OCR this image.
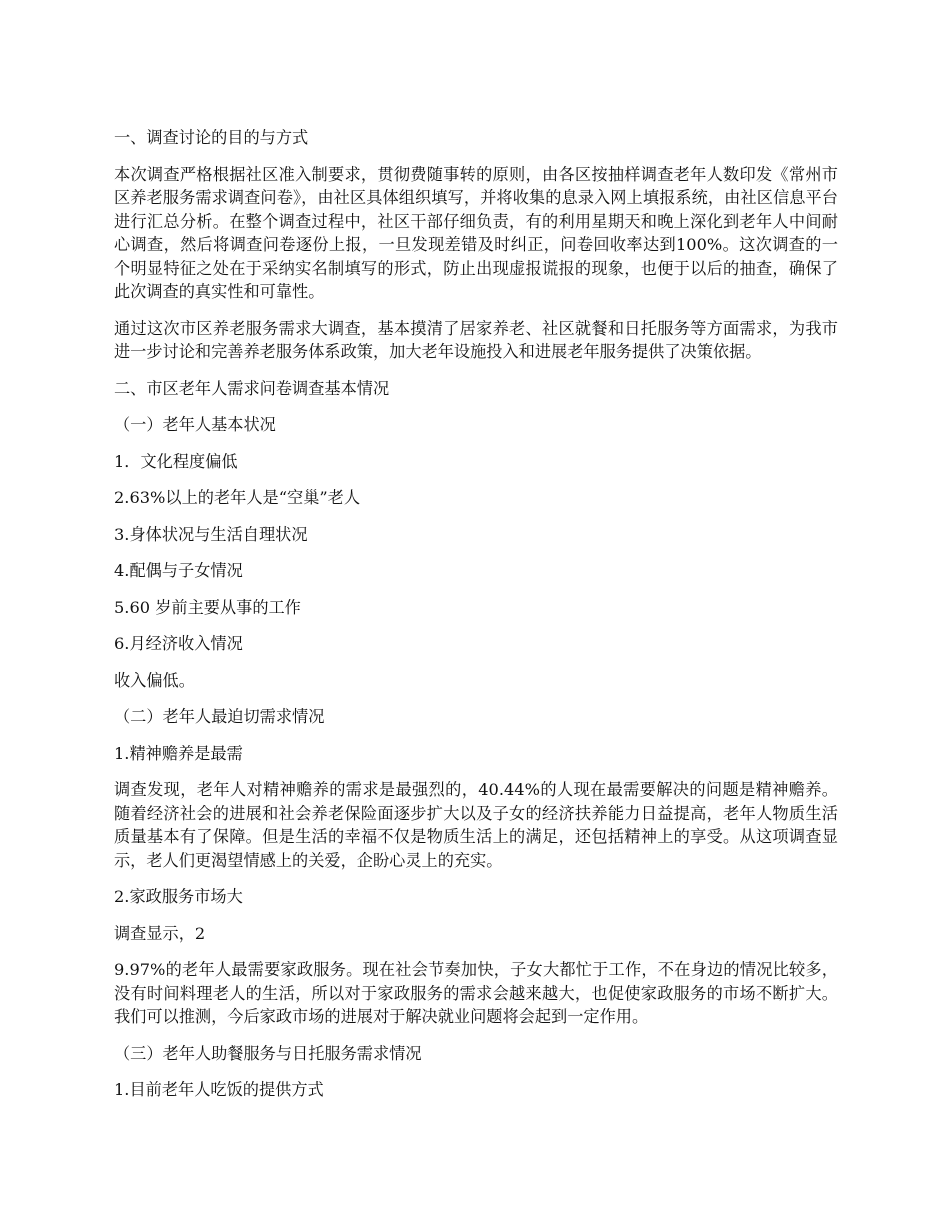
一、调查讨论的目的与方式

本次调查严格根据社区准入制要求，贯彻费随事转的原则，由各区按抽样调查老年人数印发《常州市区养老服务需求调查问卷》，由社区具体组织填写，并将收集的息录入网上填报系统，由社区信息平台进行汇总分析。在整个调查过程中，社区干部仔细负责，有的利用星期天和晚上深化到老年人中间耐心调查，然后将调查问卷逐份上报，一旦发现差错及时纠正，问卷回收率达到100%。这次调查的一个明显特征之处在于采纳实名制填写的形式，防止出现虚报谎报的现象，也便于以后的抽查，确保了此次调查的真实性和可靠性。

通过这次市区养老服务需求大调查，基本摸清了居家养老、社区就餐和日托服务等方面需求，为我市进一步讨论和完善养老服务体系政策，加大老年设施投入和进展老年服务提供了决策依据。

二、市区老年人需求问卷调查基本情况

（一）老年人基本状况

1．文化程度偏低

2.63%以上的老年人是“空巢”老人

3.身体状况与生活自理状况

4.配偶与子女情况

5.60 岁前主要从事的工作

6.月经济收入情况

收入偏低。

（二）老年人最迫切需求情况

1.精神赡养是最需

调查发现，老年人对精神赡养的需求是最强烈的，40.44%的人现在最需要解决的问题是精神赡养。随着经济社会的进展和社会养老保险面逐步扩大以及子女的经济扶养能力日益提高，老年人物质生活质量基本有了保障。但是生活的幸福不仅是物质生活上的满足，还包括精神上的享受。从这项调查显示，老人们更渴望情感上的关爱，企盼心灵上的充实。

2.家政服务市场大

调查显示，2

9.97%的老年人最需要家政服务。现在社会节奏加快，子女大都忙于工作，不在身边的情况比较多，没有时间料理老人的生活，所以对于家政服务的需求会越来越大，也促使家政服务的市场不断扩大。我们可以推测，今后家政市场的进展对于解决就业问题将会起到一定作用。

（三）老年人助餐服务与日托服务需求情况

1.目前老年人吃饭的提供方式
